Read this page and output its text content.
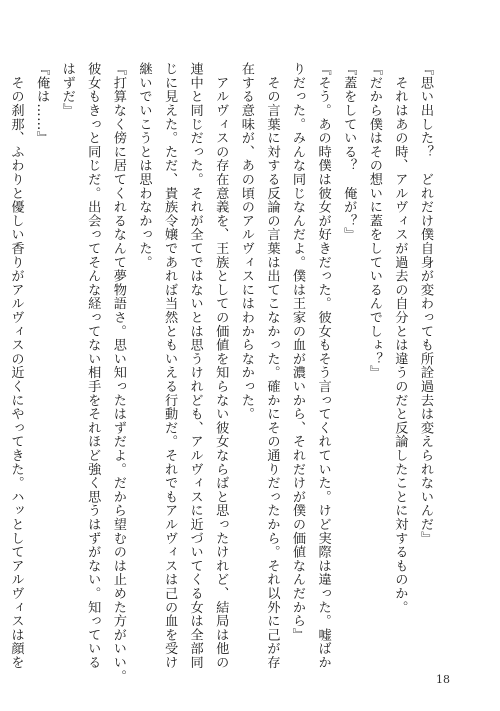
『思い出した？　どれだけ僕自身が変わっても所詮過去は変えられないんだ』
　それはあの時、アルヴィスが過去の自分とは違うのだと反論したことに対するものか。
『だから僕はその想いに蓋をしているんでしょ？』
『蓋をしている？　俺が？』
『そう。あの時僕は彼女が好きだった。彼女もそう言ってくれていた。けど実際は違った。嘘ばか
りだった。みんな同じなんだよ。僕は王家の血が濃いから、それだけが僕の価値なんだから』
　その言葉に対する反論の言葉は出てこなかった。確かにその通りだったから。それ以外に己が存
在する意味が、あの頃のアルヴィスにはわからなかった。
　アルヴィスの存在意義を、王族としての価値を知らない彼女ならばと思ったけれど、結局は他の
連中と同じだった。それが全てではないとは思うけれども、アルヴィスに近づいてくる女は全部同
じに見えた。ただ、貴族令嬢であれば当然ともいえる行動だ。それでもアルヴィスは己の血を受け
継いでいこうとは思わなかった。
『打算なく傍に居てくれるなんて夢物語さ。思い知ったはずだよ。だから望むのは止めた方がいい。
彼女もきっと同じだ。出会ってそんな経ってない相手をそれほど強く思うはずがない。知っている
はずだ』
『俺は……』
　その刹那、ふわりと優しい香りがアルヴィスの近くにやってきた。ハッとしてアルヴィスは顔を
18
